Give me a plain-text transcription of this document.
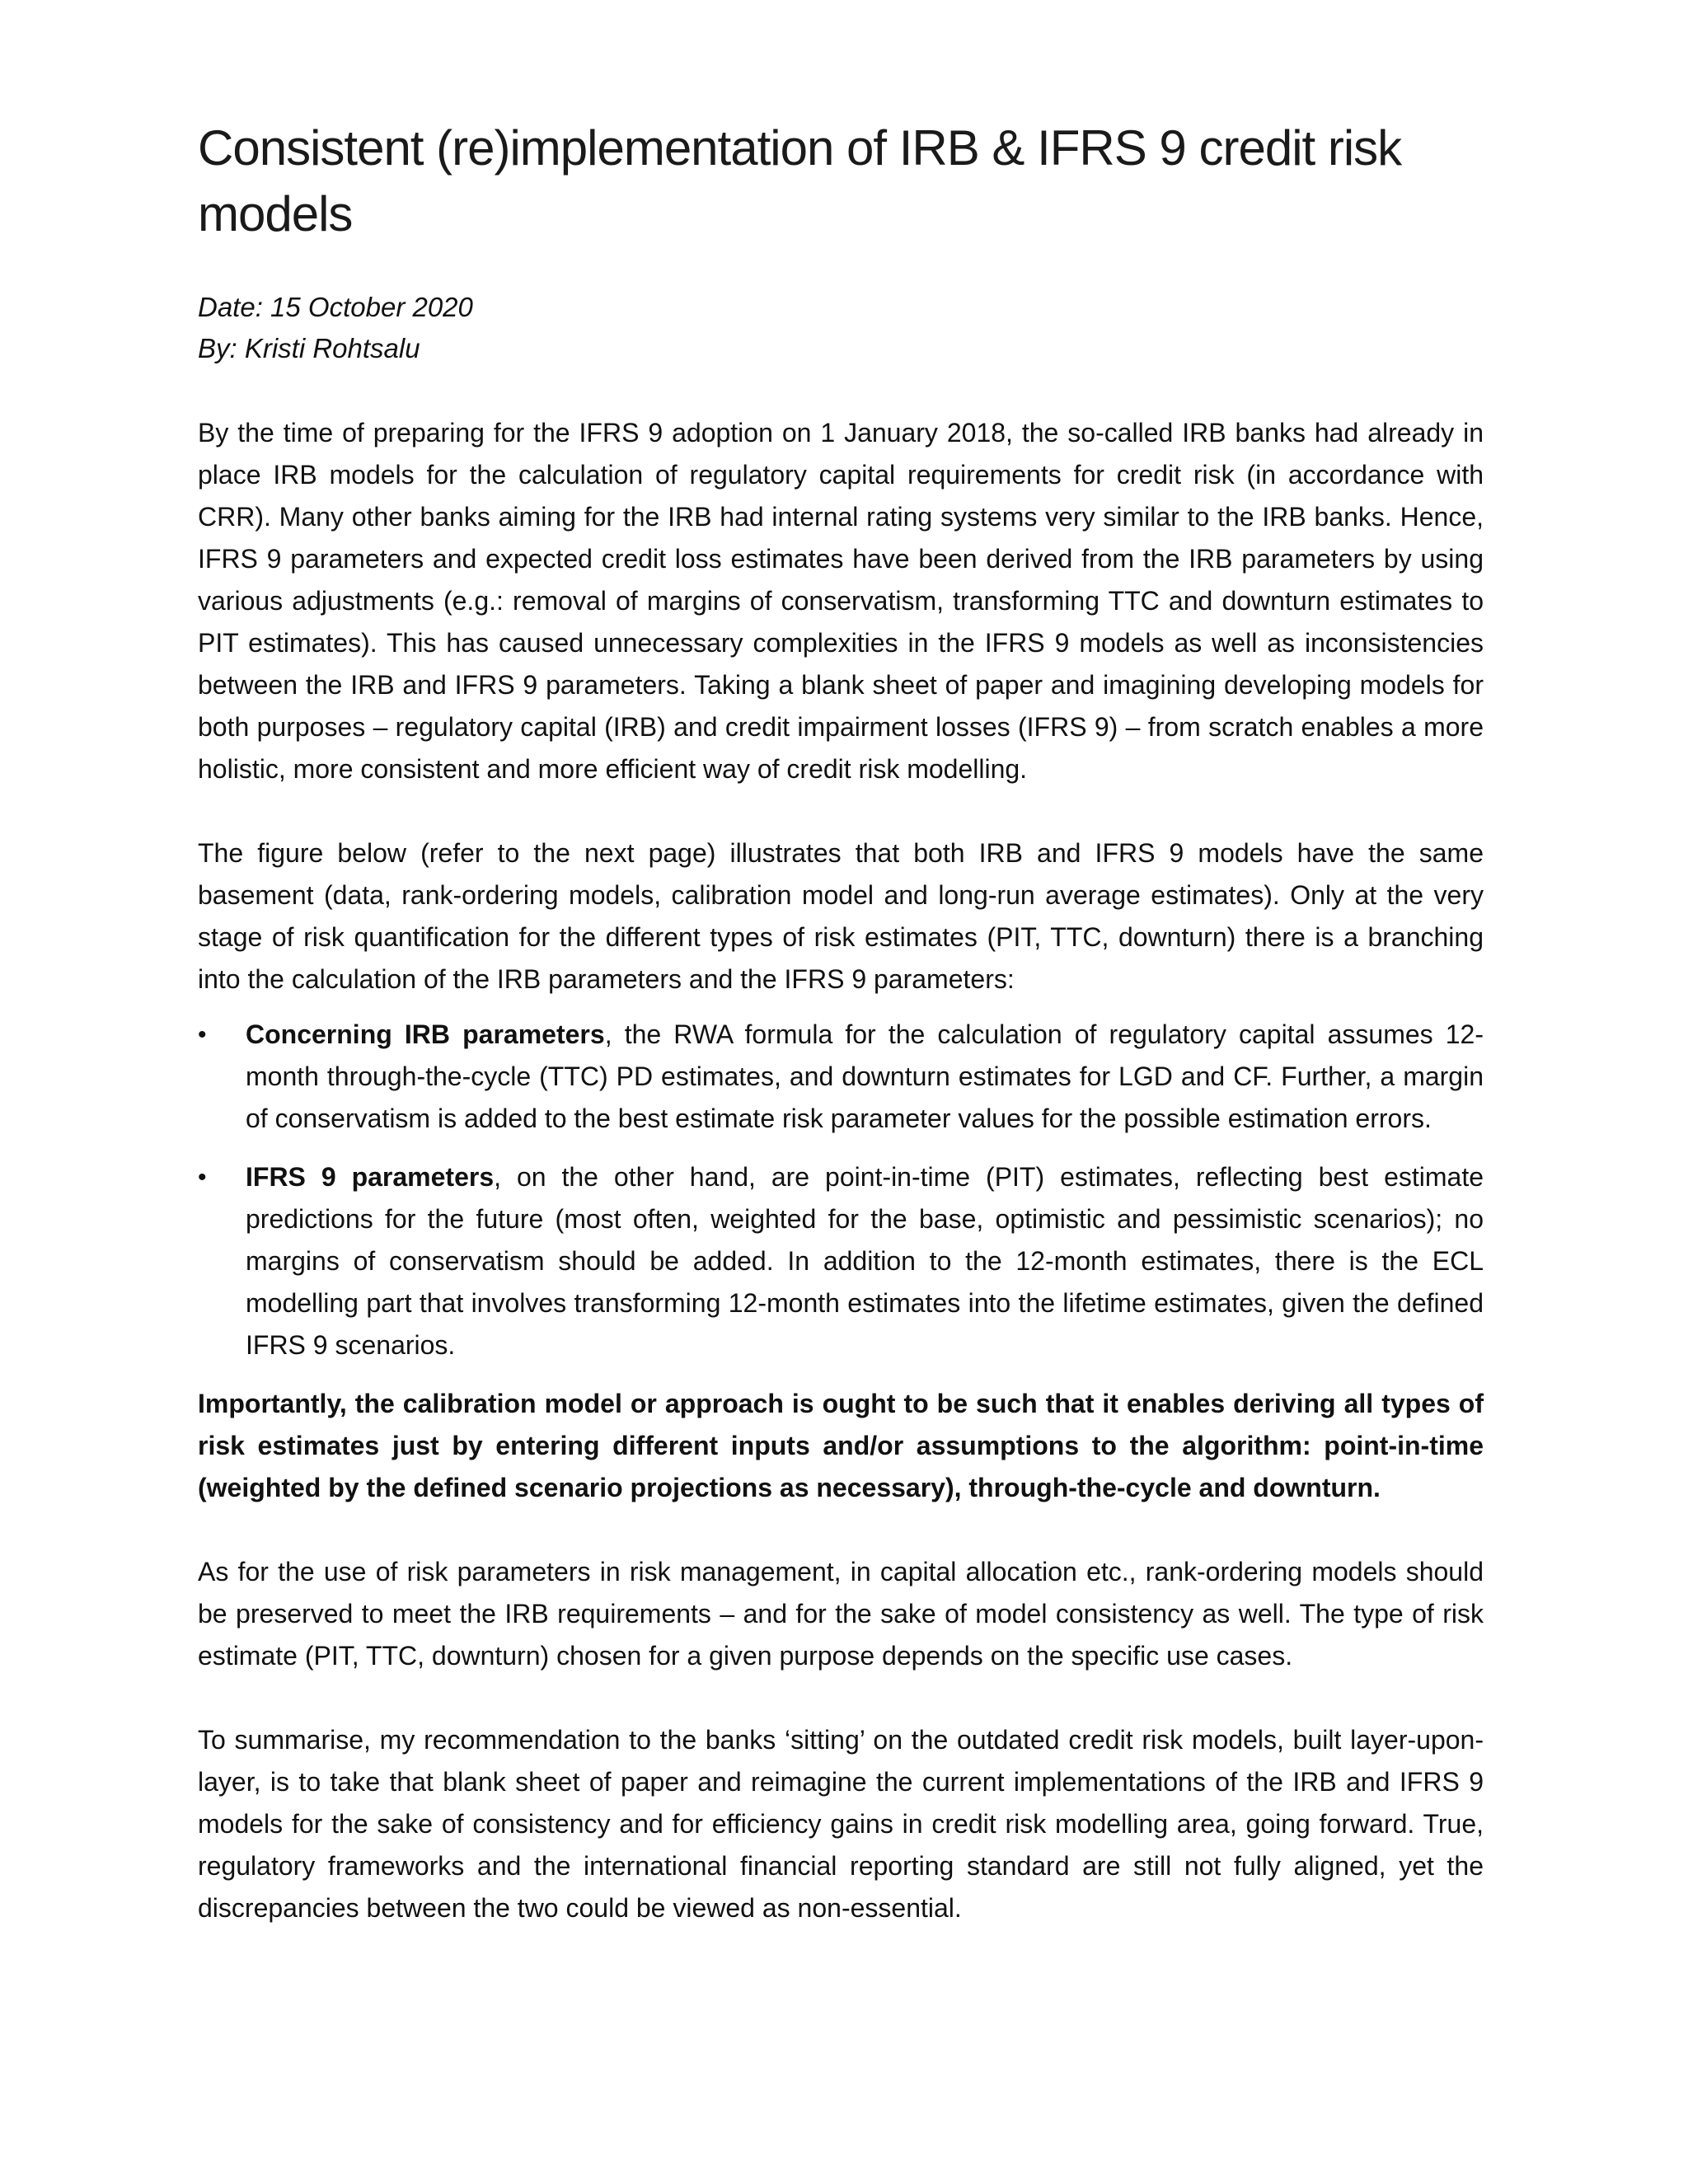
Consistent (re)implementation of IRB & IFRS 9 credit risk models
Date: 15 October 2020
By: Kristi Rohtsalu

By the time of preparing for the IFRS 9 adoption on 1 January 2018, the so-called IRB banks had already in place IRB models for the calculation of regulatory capital requirements for credit risk (in accordance with CRR). Many other banks aiming for the IRB had internal rating systems very similar to the IRB banks. Hence, IFRS 9 parameters and expected credit loss estimates have been derived from the IRB parameters by using various adjustments (e.g.: removal of margins of conservatism, transforming TTC and downturn estimates to PIT estimates). This has caused unnecessary complexities in the IFRS 9 models as well as inconsistencies between the IRB and IFRS 9 parameters. Taking a blank sheet of paper and imagining developing models for both purposes – regulatory capital (IRB) and credit impairment losses (IFRS 9) – from scratch enables a more holistic, more consistent and more efficient way of credit risk modelling.

The figure below (refer to the next page) illustrates that both IRB and IFRS 9 models have the same basement (data, rank-ordering models, calibration model and long-run average estimates). Only at the very stage of risk quantification for the different types of risk estimates (PIT, TTC, downturn) there is a branching into the calculation of the IRB parameters and the IFRS 9 parameters:

•	Concerning IRB parameters, the RWA formula for the calculation of regulatory capital assumes 12-month through-the-cycle (TTC) PD estimates, and downturn estimates for LGD and CF. Further, a margin of conservatism is added to the best estimate risk parameter values for the possible estimation errors.
•	IFRS 9 parameters, on the other hand, are point-in-time (PIT) estimates, reflecting best estimate predictions for the future (most often, weighted for the base, optimistic and pessimistic scenarios); no margins of conservatism should be added. In addition to the 12-month estimates, there is the ECL modelling part that involves transforming 12-month estimates into the lifetime estimates, given the defined IFRS 9 scenarios.

Importantly, the calibration model or approach is ought to be such that it enables deriving all types of risk estimates just by entering different inputs and/or assumptions to the algorithm: point-in-time (weighted by the defined scenario projections as necessary), through-the-cycle and downturn.

As for the use of risk parameters in risk management, in capital allocation etc., rank-ordering models should be preserved to meet the IRB requirements – and for the sake of model consistency as well. The type of risk estimate (PIT, TTC, downturn) chosen for a given purpose depends on the specific use cases.

To summarise, my recommendation to the banks ‘sitting’ on the outdated credit risk models, built layer-upon-layer, is to take that blank sheet of paper and reimagine the current implementations of the IRB and IFRS 9 models for the sake of consistency and for efficiency gains in credit risk modelling area, going forward. True, regulatory frameworks and the international financial reporting standard are still not fully aligned, yet the discrepancies between the two could be viewed as non-essential.
